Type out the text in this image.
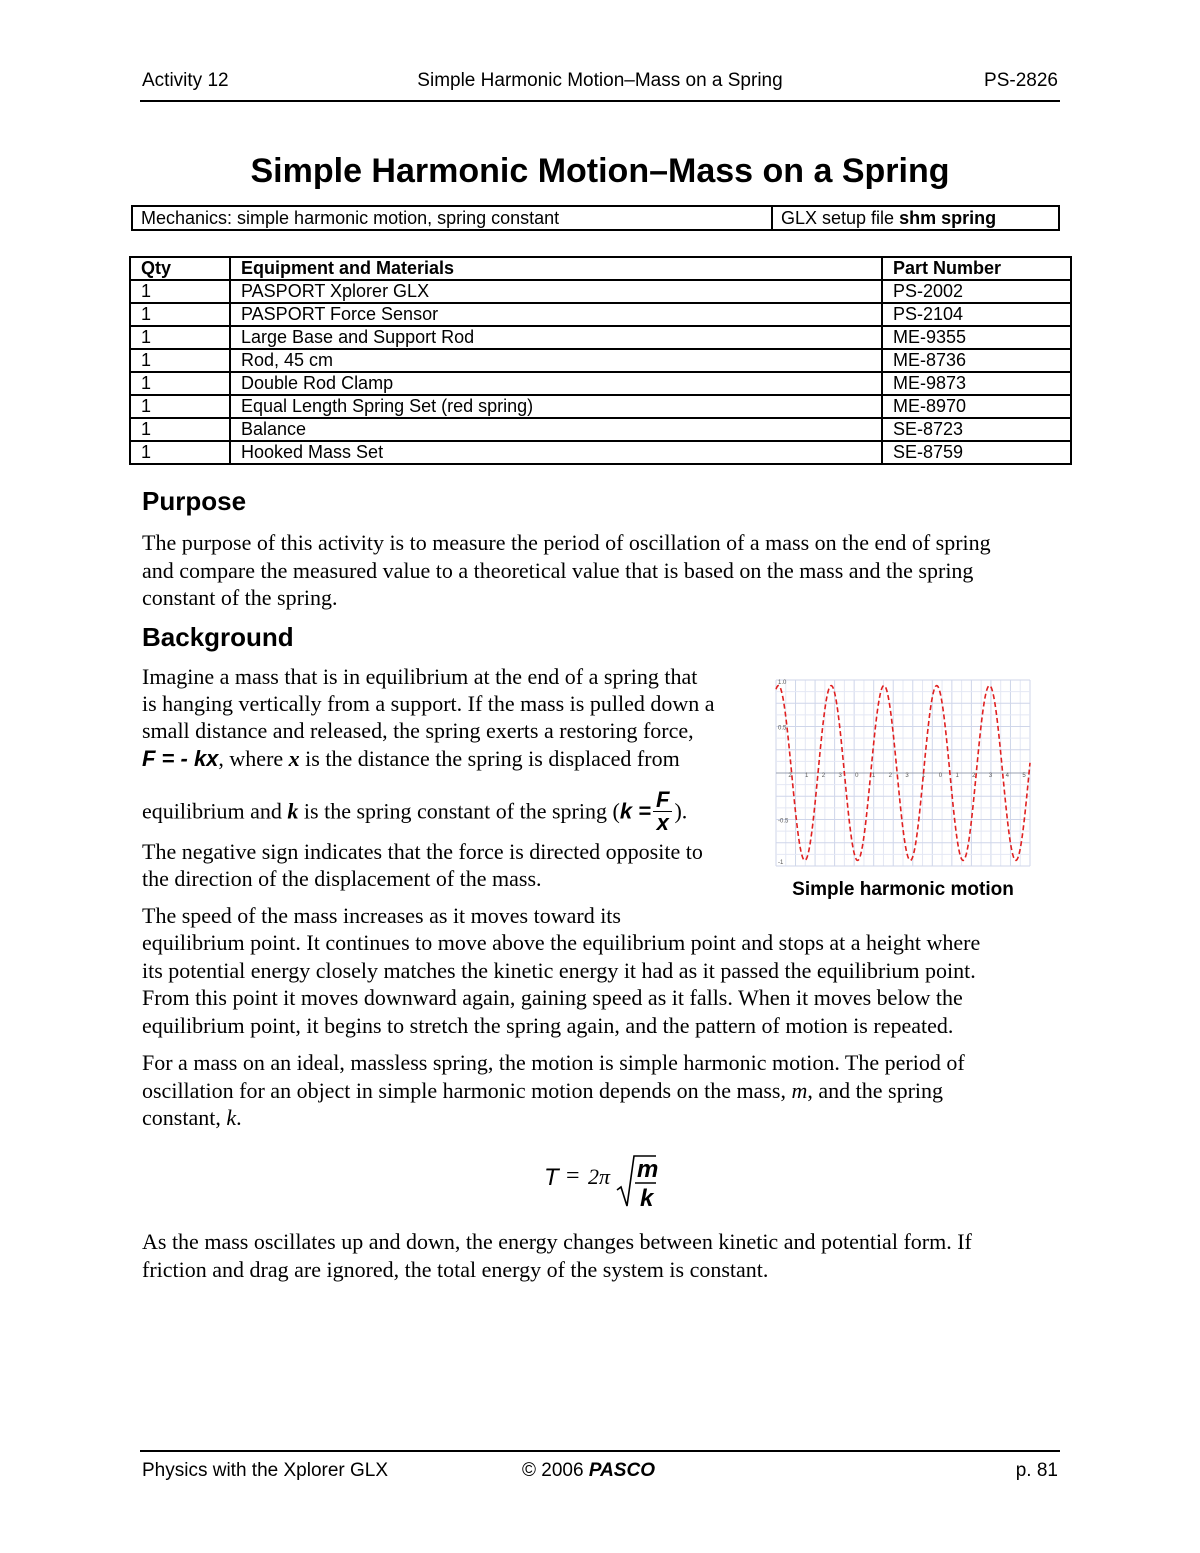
Activity 12	Simple Harmonic Motion–Mass on a Spring	PS-2826
Simple Harmonic Motion–Mass on a Spring
Mechanics: simple harmonic motion, spring constant	GLX setup file shm spring
Qty	Equipment and Materials	Part Number
1	PASPORT Xplorer GLX	PS-2002
1	PASPORT Force Sensor	PS-2104
1	Large Base and Support Rod	ME-9355
1	Rod, 45 cm	ME-8736
1	Double Rod Clamp	ME-9873
1	Equal Length Spring Set (red spring)	ME-8970
1	Balance	SE-8723
1	Hooked Mass Set	SE-8759
Purpose
The purpose of this activity is to measure the period of oscillation of a mass on the end of spring
and compare the measured value to a theoretical value that is based on the mass and the spring
constant of the spring.
Background
Imagine a mass that is in equilibrium at the end of a spring that
is hanging vertically from a support. If the mass is pulled down a
small distance and released, the spring exerts a restoring force,
F = - kx, where x is the distance the spring is displaced from
equilibrium and k is the spring constant of the spring ($k = \frac{F}{x}$ ).
The negative sign indicates that the force is directed opposite to
the direction of the displacement of the mass.
The speed of the mass increases as it moves toward its
equilibrium point. It continues to move above the equilibrium point and stops at a height where
its potential energy closely matches the kinetic energy it had as it passed the equilibrium point.
From this point it moves downward again, gaining speed as it falls. When it moves below the
equilibrium point, it begins to stretch the spring again, and the pattern of motion is repeated.
For a mass on an ideal, massless spring, the motion is simple harmonic motion. The period of
oscillation for an object in simple harmonic motion depends on the mass, m, and the spring
constant, k.
T = 2π m
k
As the mass oscillates up and down, the energy changes between kinetic and potential form. If
friction and drag are ignored, the total energy of the system is constant.
2 1 2 3 0 1 2 3 1 0 1 2 3 4 5
1.0
0.5
-0.5
-1
Simple harmonic motion
Physics with the Xplorer GLX	© 2006 PASCO	p. 81
